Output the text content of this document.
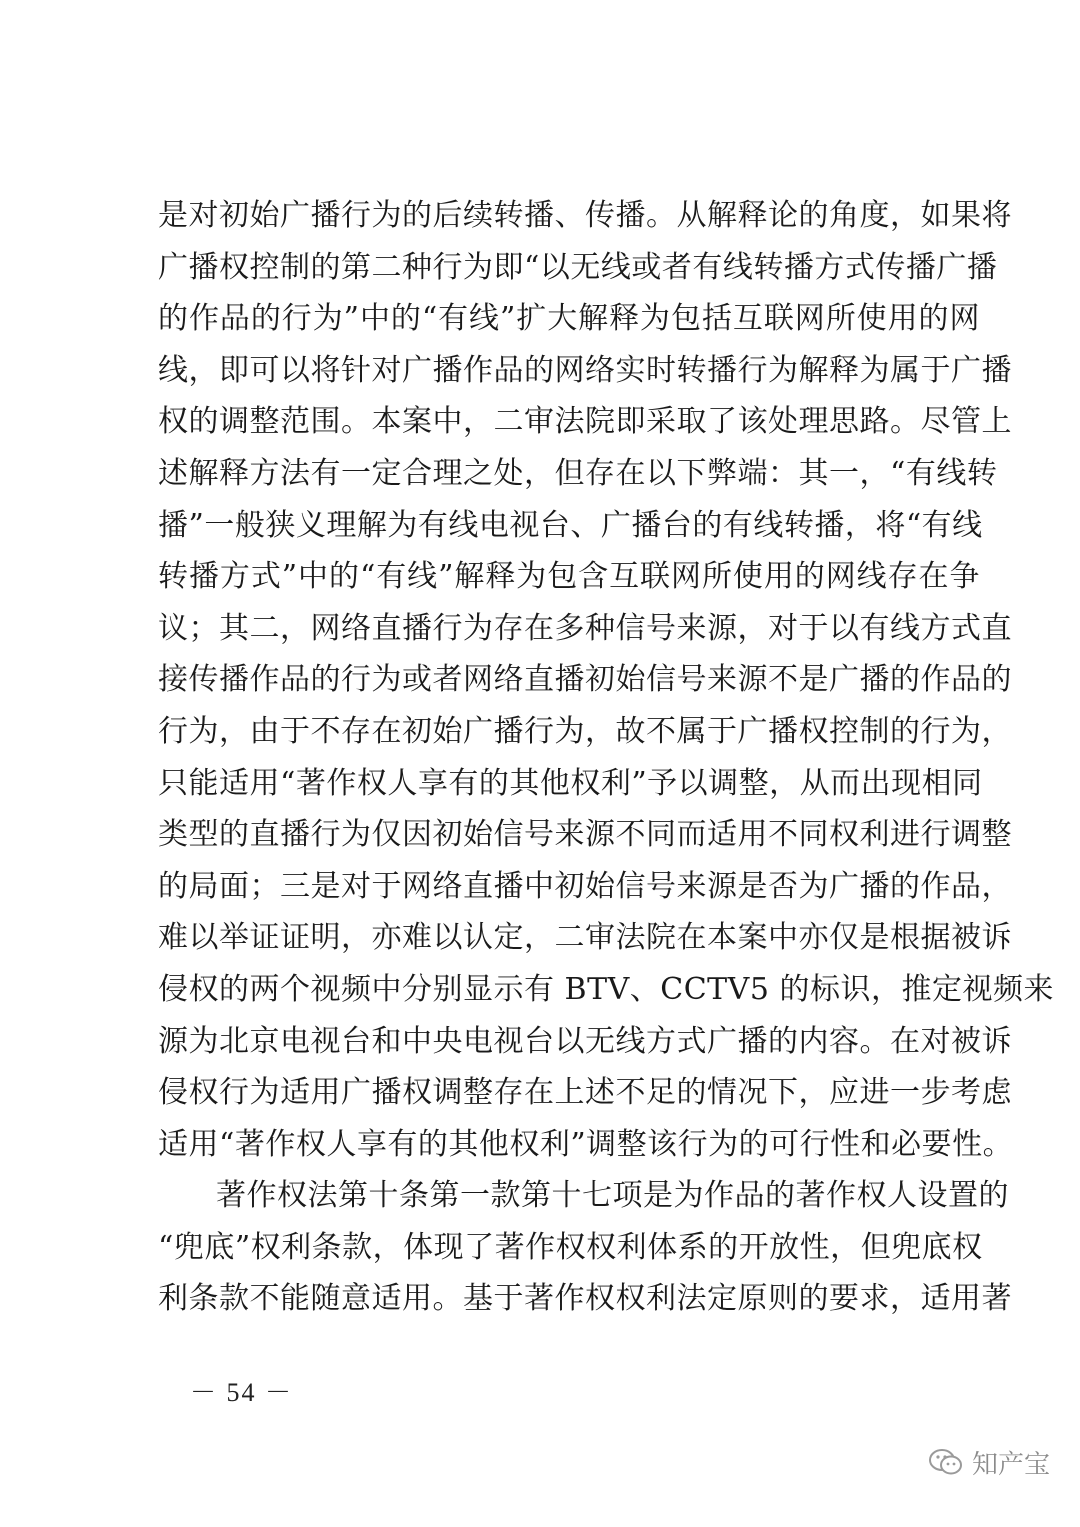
是对初始广播行为的后续转播、传播。从解释论的角度，如果将
广播权控制的第二种行为即“以无线或者有线转播方式传播广播
的作品的行为”中的“有线”扩大解释为包括互联网所使用的网
线，即可以将针对广播作品的网络实时转播行为解释为属于广播
权的调整范围。本案中，二审法院即采取了该处理思路。尽管上
述解释方法有一定合理之处，但存在以下弊端：其一，“有线转
播”一般狭义理解为有线电视台、广播台的有线转播，将“有线
转播方式”中的“有线”解释为包含互联网所使用的网线存在争
议；其二，网络直播行为存在多种信号来源，对于以有线方式直
接传播作品的行为或者网络直播初始信号来源不是广播的作品的
行为，由于不存在初始广播行为，故不属于广播权控制的行为，
只能适用“著作权人享有的其他权利”予以调整，从而出现相同
类型的直播行为仅因初始信号来源不同而适用不同权利进行调整
的局面；三是对于网络直播中初始信号来源是否为广播的作品，
难以举证证明，亦难以认定，二审法院在本案中亦仅是根据被诉
侵权的两个视频中分别显示有 BTV、CCTV5 的标识，推定视频来
源为北京电视台和中央电视台以无线方式广播的内容。在对被诉
侵权行为适用广播权调整存在上述不足的情况下，应进一步考虑
适用“著作权人享有的其他权利”调整该行为的可行性和必要性。
著作权法第十条第一款第十七项是为作品的著作权人设置的
“兜底”权利条款，体现了著作权权利体系的开放性，但兜底权
利条款不能随意适用。基于著作权权利法定原则的要求，适用著
－ 54 －
知产宝
